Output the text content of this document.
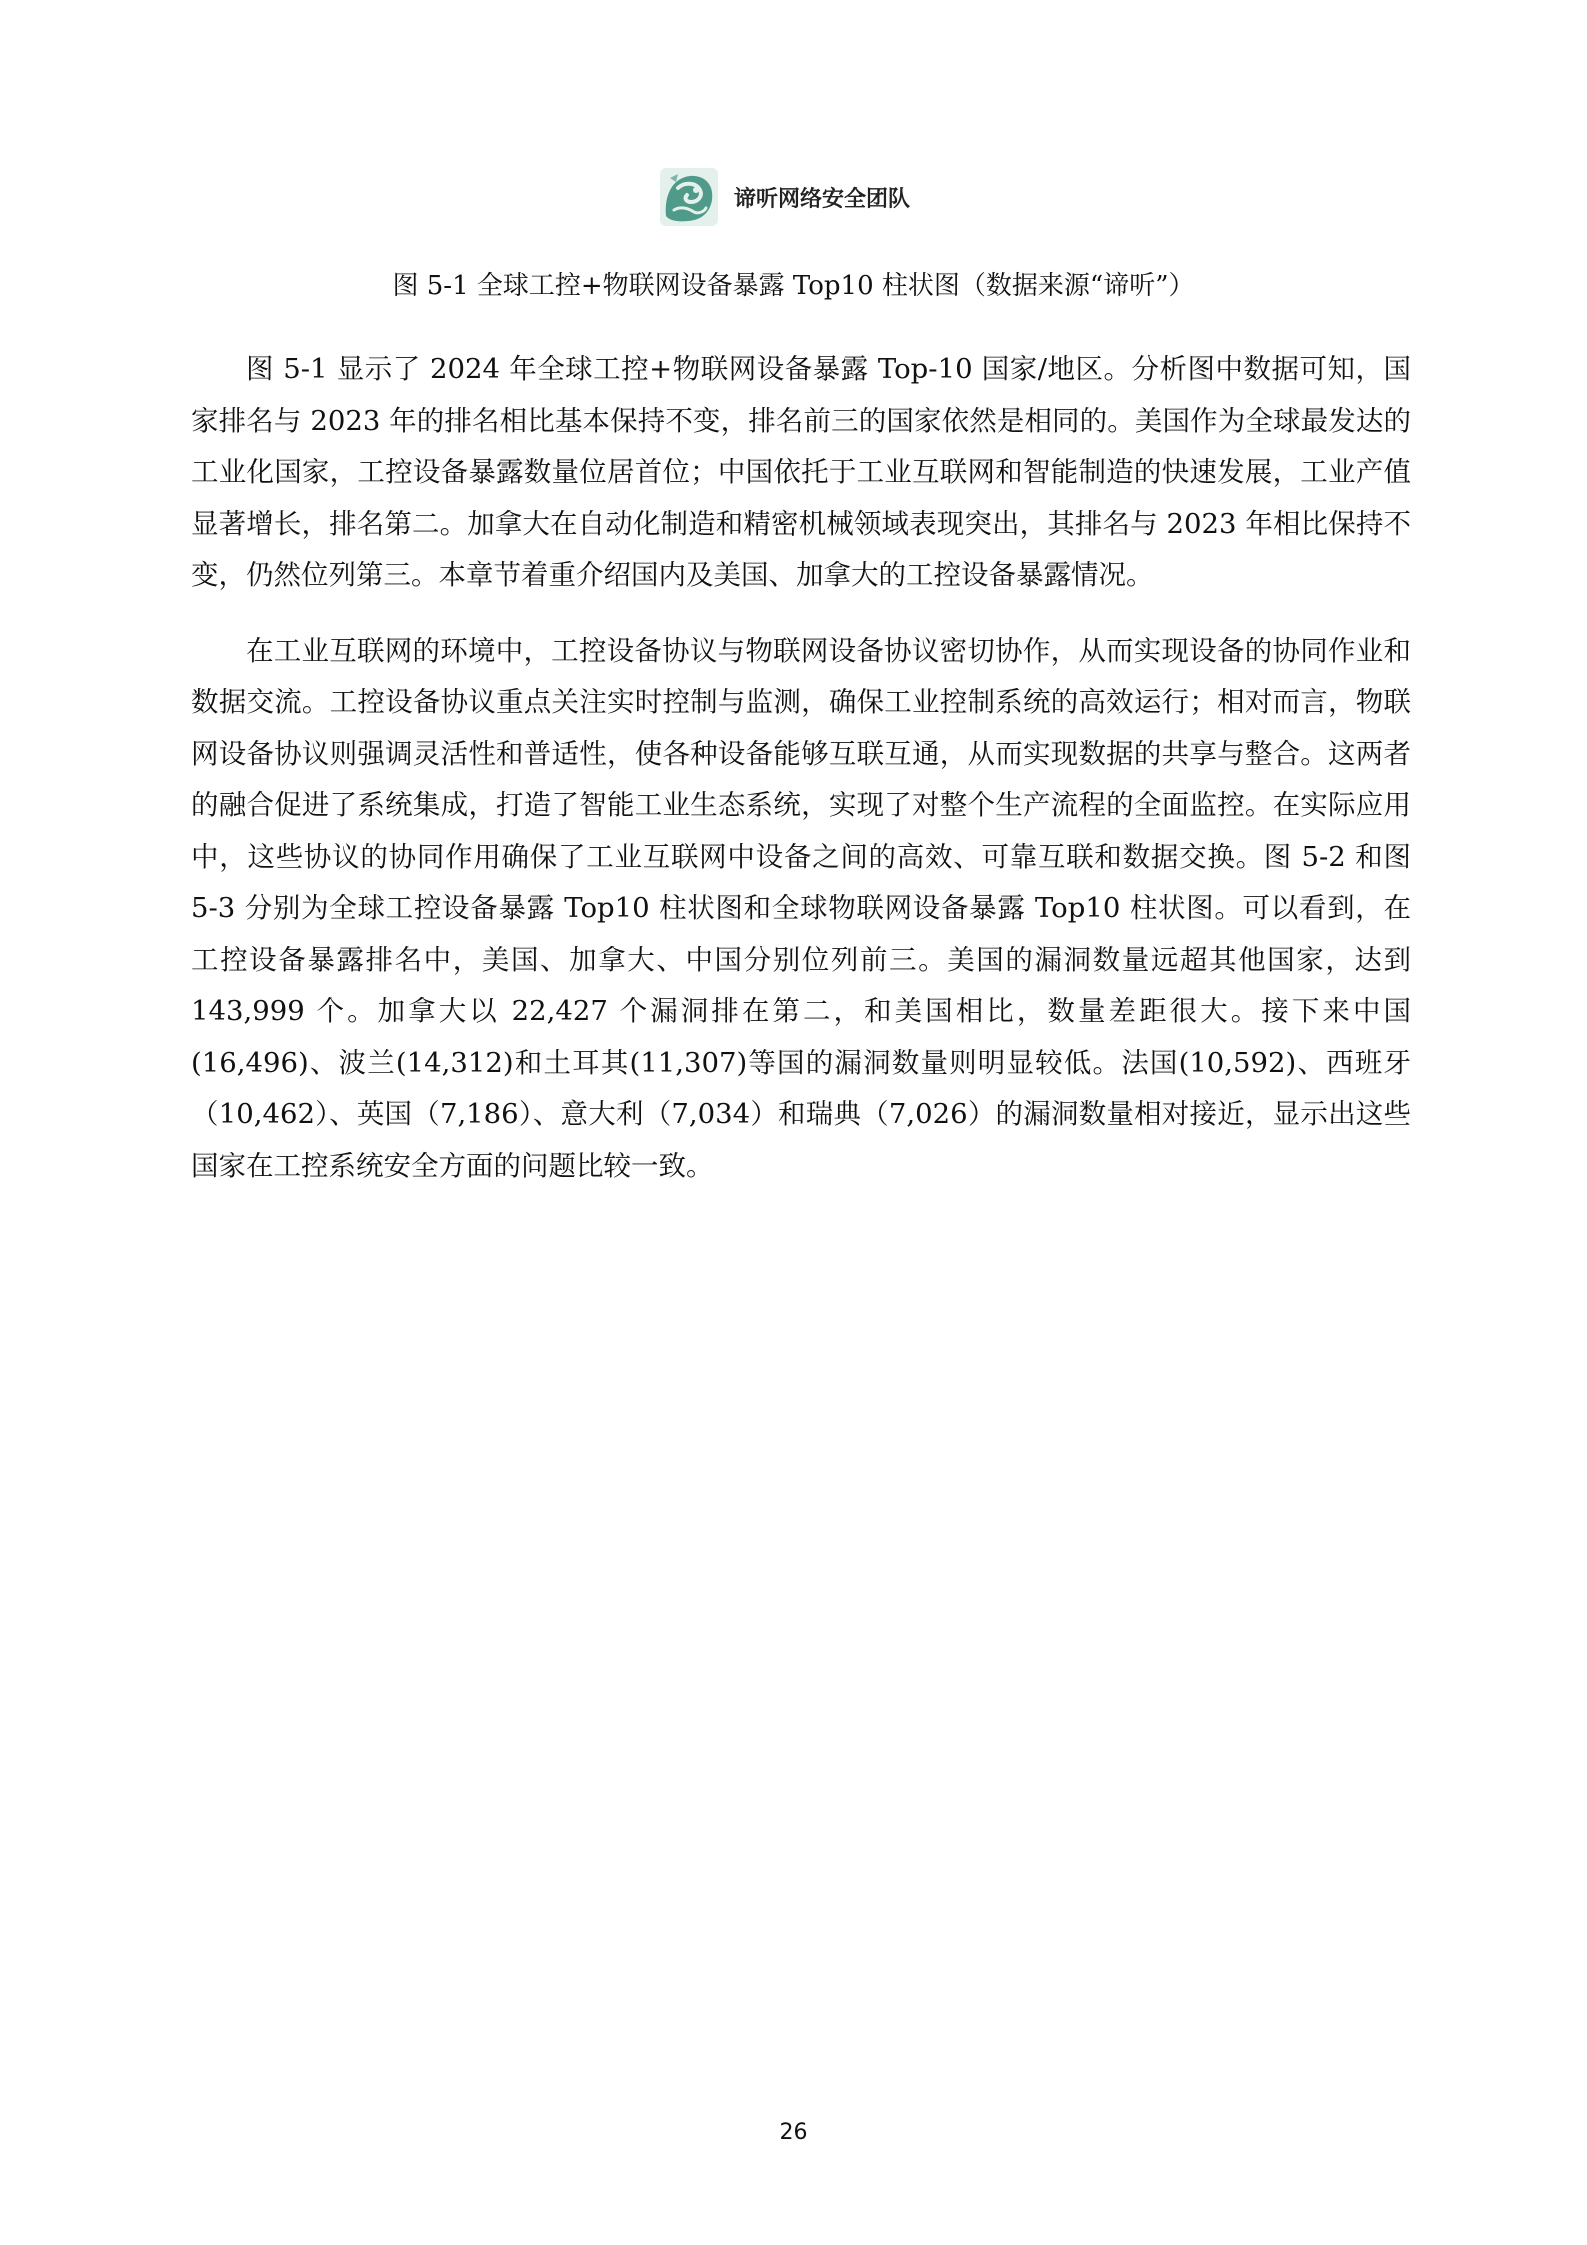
谛听网络安全团队
图 5-1 全球工控+物联网设备暴露 Top10 柱状图（数据来源“谛听”）

图 5-1 显示了 2024 年全球工控+物联网设备暴露 Top-10 国家/地区。分析图中数据可知，国家排名与 2023 年的排名相比基本保持不变，排名前三的国家依然是相同的。美国作为全球最发达的工业化国家，工控设备暴露数量位居首位；中国依托于工业互联网和智能制造的快速发展，工业产值显著增长，排名第二。加拿大在自动化制造和精密机械领域表现突出，其排名与 2023 年相比保持不变，仍然位列第三。本章节着重介绍国内及美国、加拿大的工控设备暴露情况。

在工业互联网的环境中，工控设备协议与物联网设备协议密切协作，从而实现设备的协同作业和数据交流。工控设备协议重点关注实时控制与监测，确保工业控制系统的高效运行；相对而言，物联网设备协议则强调灵活性和普适性，使各种设备能够互联互通，从而实现数据的共享与整合。这两者的融合促进了系统集成，打造了智能工业生态系统，实现了对整个生产流程的全面监控。在实际应用中，这些协议的协同作用确保了工业互联网中设备之间的高效、可靠互联和数据交换。图 5-2 和图 5-3 分别为全球工控设备暴露 Top10 柱状图和全球物联网设备暴露 Top10 柱状图。可以看到，在工控设备暴露排名中，美国、加拿大、中国分别位列前三。美国的漏洞数量远超其他国家，达到 143,999 个。加拿大以 22,427 个漏洞排在第二，和美国相比，数量差距很大。接下来中国(16,496)、波兰(14,312)和土耳其(11,307)等国的漏洞数量则明显较低。法国(10,592)、西班牙（10,462）、英国（7,186）、意大利（7,034）和瑞典（7,026）的漏洞数量相对接近，显示出这些国家在工控系统安全方面的问题比较一致。

26
